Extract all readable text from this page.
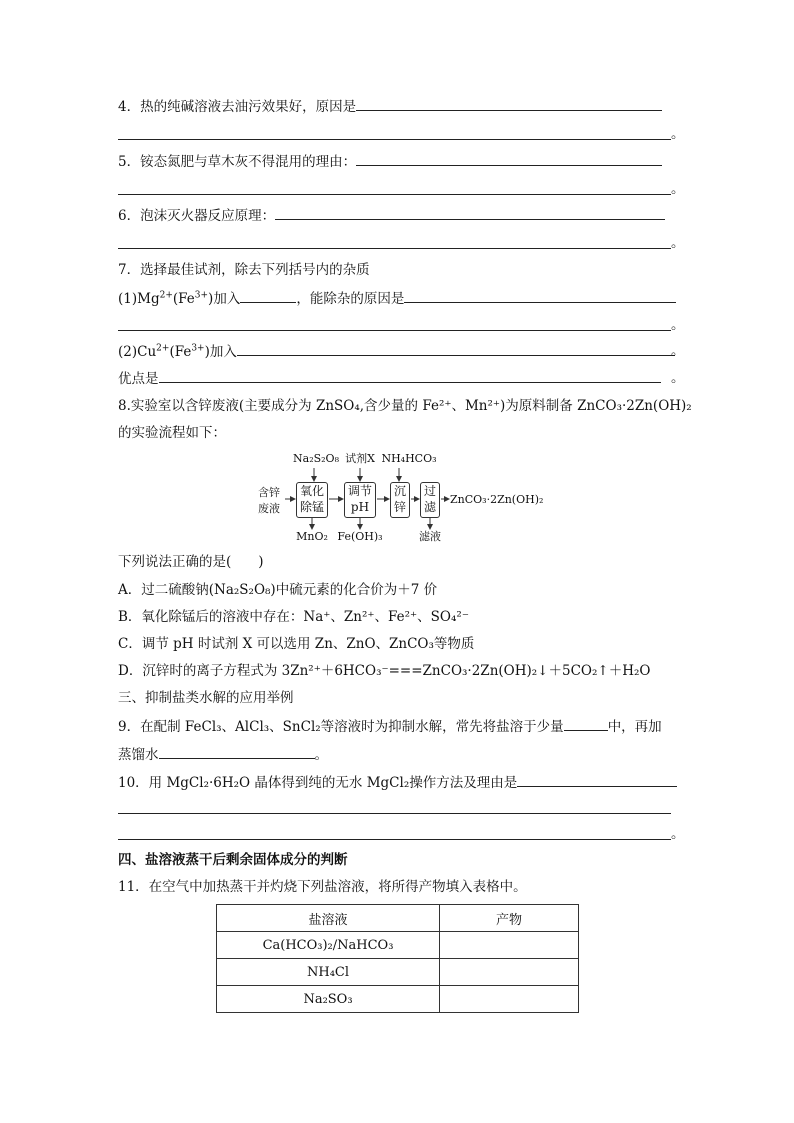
4．热的纯碱溶液去油污效果好，原因是
。
5．铵态氮肥与草木灰不得混用的理由：
。
6．泡沫灭火器反应原理：
。
7．选择最佳试剂，除去下列括号内的杂质
$(1)Mg^{2+}(Fe^{3+})$加入	，能除杂的原因是
。
$(2)Cu^{2+}(Fe^{3+})$加入	。
优点是	。
8.实验室以含锌废液(主要成分为 ZnSO₄,含少量的 Fe²⁺、Mn²⁺)为原料制备 ZnCO₃·2Zn(OH)₂
的实验流程如下：
Na₂S₂O₈ 试剂X NH₄HCO₃
含锌
废液
氧化
除锰
调节
pH
沉
锌
过
滤
ZnCO₃·2Zn(OH)₂
MnO₂ Fe(OH)₃	滤液
下列说法正确的是(　　)
A．过二硫酸钠(Na₂S₂O₈)中硫元素的化合价为＋7 价
B．氧化除锰后的溶液中存在：Na⁺、Zn²⁺、Fe²⁺、SO₄²⁻
C．调节 pH 时试剂 X 可以选用 Zn、ZnO、ZnCO₃等物质
D．沉锌时的离子方程式为 3Zn²⁺＋6HCO₃⁻===ZnCO₃·2Zn(OH)₂↓＋5CO₂↑＋H₂O
三、抑制盐类水解的应用举例
9．在配制 FeCl₃、AlCl₃、SnCl₂等溶液时为抑制水解，常先将盐溶于少量	中，再加
蒸馏水	。
10．用 MgCl₂·6H₂O 晶体得到纯的无水 MgCl₂操作方法及理由是
。
四、盐溶液蒸干后剩余固体成分的判断
11．在空气中加热蒸干并灼烧下列盐溶液，将所得产物填入表格中。
盐溶液	产物
Ca(HCO₃)₂/NaHCO₃	
NH₄Cl	
Na₂SO₃	
